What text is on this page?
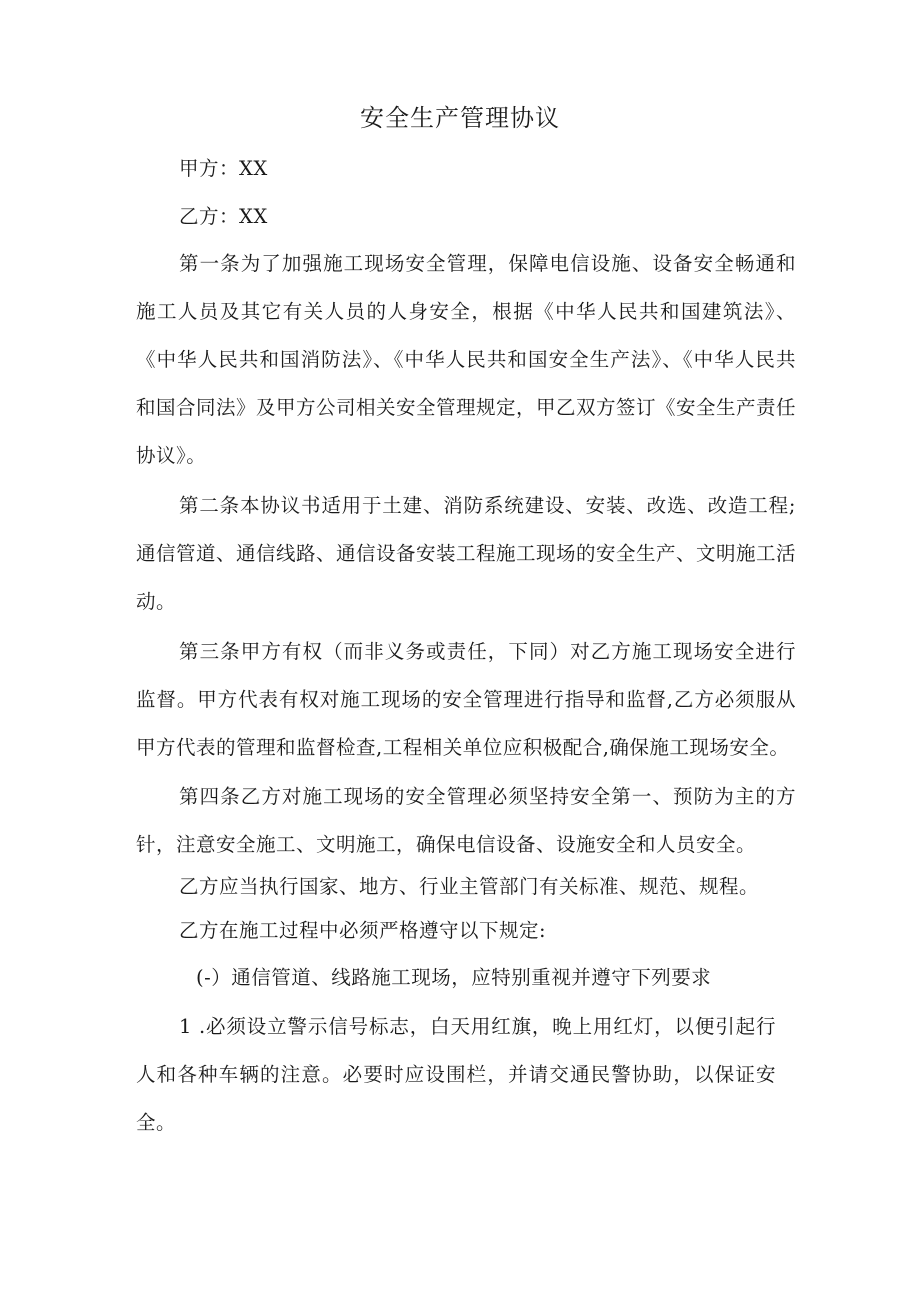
安全生产管理协议
甲方：XX
乙方：XX
第一条为了加强施工现场安全管理，保障电信设施、设备安全畅通和施工人员及其它有关人员的人身安全，根据《中华人民共和国建筑法》、《中华人民共和国消防法》、《中华人民共和国安全生产法》、《中华人民共和国合同法》及甲方公司相关安全管理规定，甲乙双方签订《安全生产责任协议》。
第二条本协议书适用于土建、消防系统建设、安装、改选、改造工程;通信管道、通信线路、通信设备安装工程施工现场的安全生产、文明施工活动。
第三条甲方有权（而非义务或责任，下同）对乙方施工现场安全进行监督。甲方代表有权对施工现场的安全管理进行指导和监督,乙方必须服从甲方代表的管理和监督检查,工程相关单位应积极配合,确保施工现场安全。
第四条乙方对施工现场的安全管理必须坚持安全第一、预防为主的方针，注意安全施工、文明施工，确保电信设备、设施安全和人员安全。
乙方应当执行国家、地方、行业主管部门有关标准、规范、规程。
乙方在施工过程中必须严格遵守以下规定:
(-）通信管道、线路施工现场，应特别重视并遵守下列要求
1 .必须设立警示信号标志，白天用红旗，晚上用红灯，以便引起行人和各种车辆的注意。必要时应设围栏，并请交通民警协助，以保证安全。
